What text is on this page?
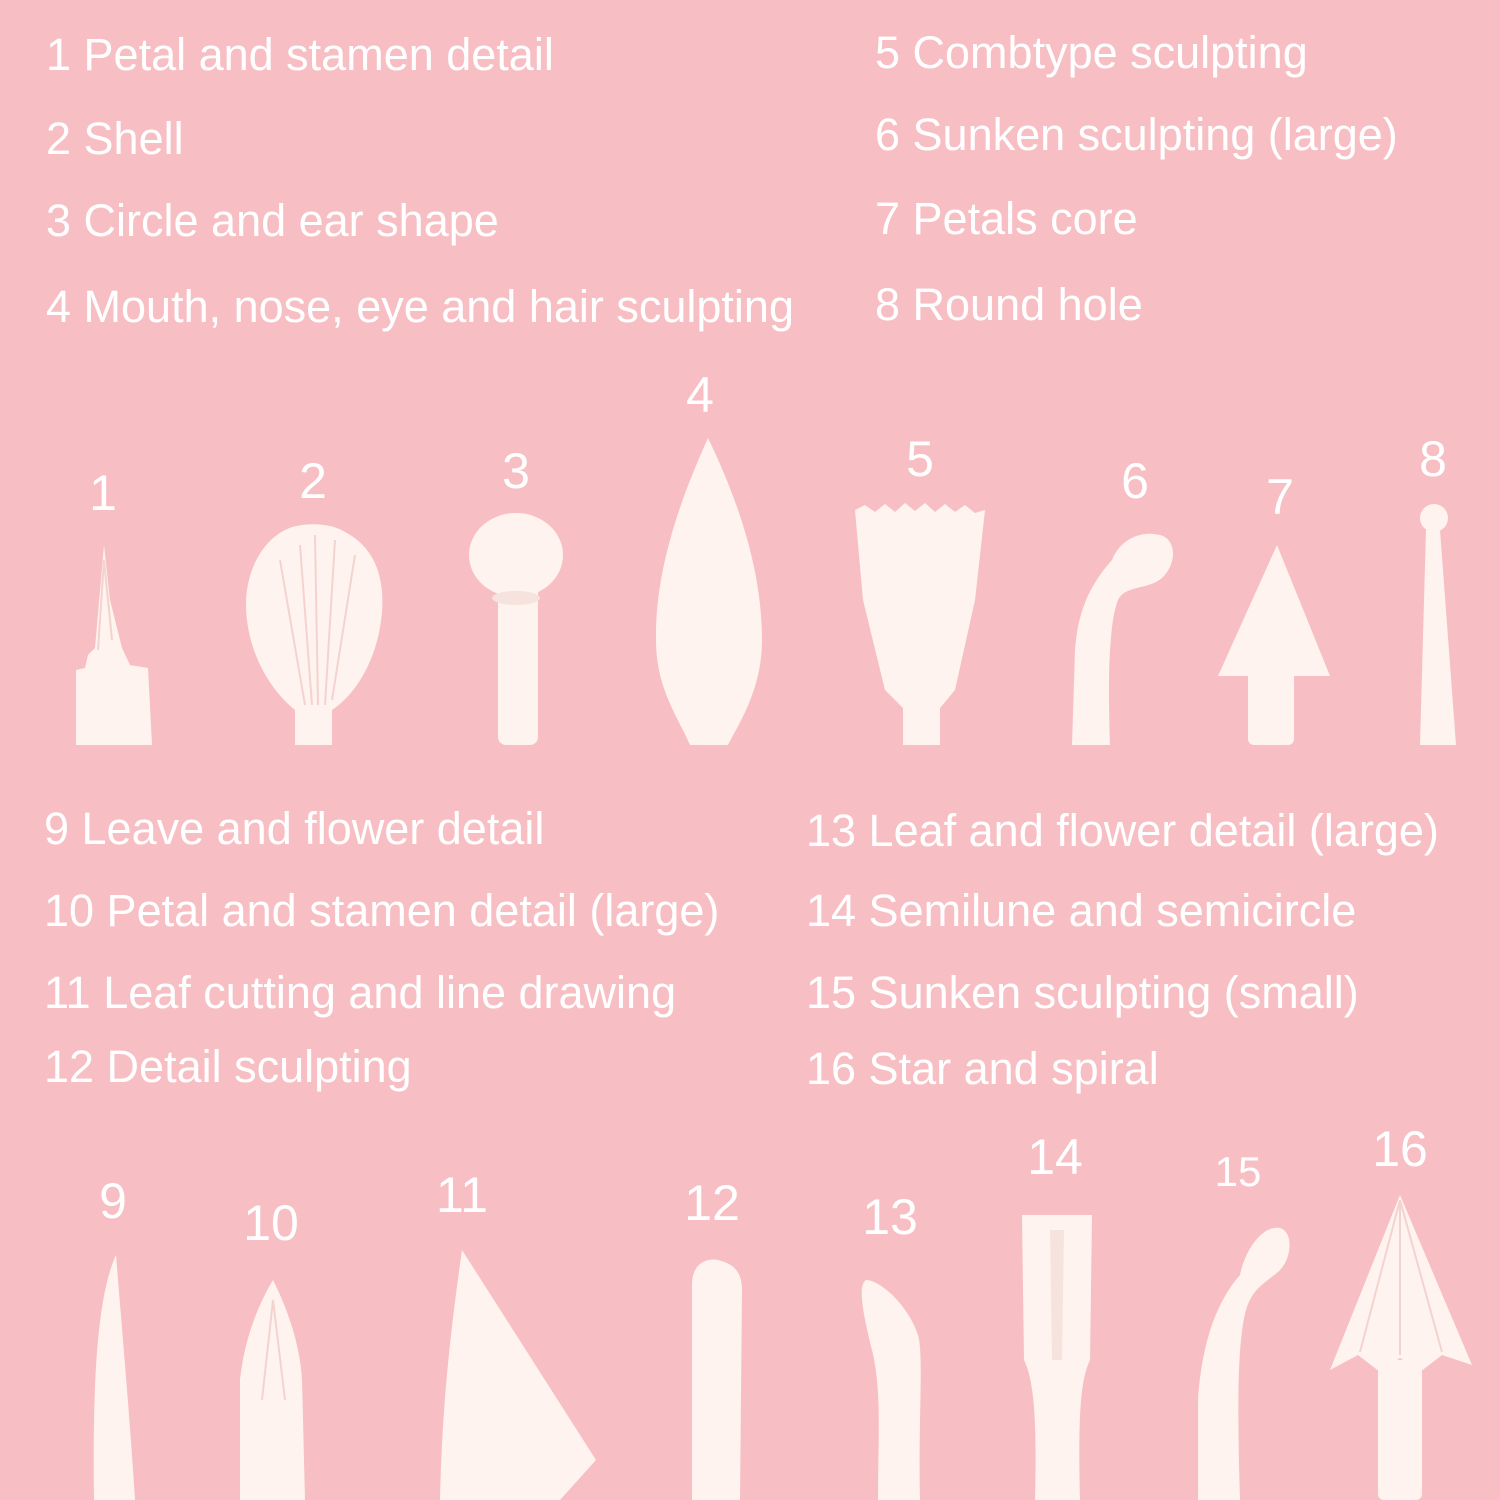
1 Petal and stamen detail
2 Shell
3 Circle and ear shape
4 Mouth, nose, eye and hair sculpting
5 Combtype sculpting
6 Sunken sculpting (large)
7 Petals core
8 Round hole
9 Leave and flower detail
10 Petal and stamen detail (large)
11 Leaf cutting and line drawing
12 Detail sculpting
13 Leaf and flower detail (large)
14 Semilune and semicircle
15 Sunken sculpting (small)
16 Star and spiral
1	2	3
4
5	6 7
8
9 10	11	12 13
14	15 16
